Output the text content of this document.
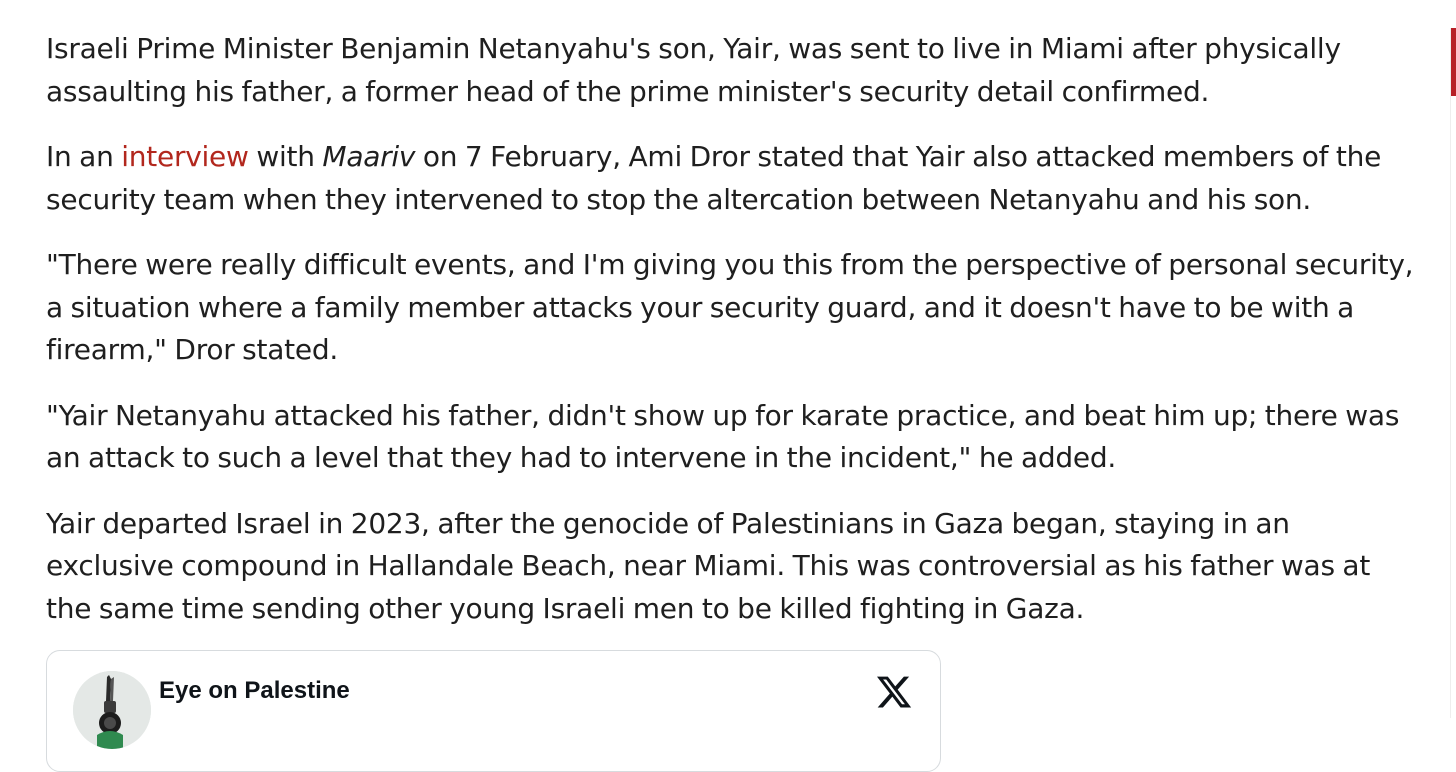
Israeli Prime Minister Benjamin Netanyahu's son, Yair, was sent to live in Miami after physically assaulting his father, a former head of the prime minister's security detail confirmed.

In an interview with Maariv on 7 February, Ami Dror stated that Yair also attacked members of the security team when they intervened to stop the altercation between Netanyahu and his son.

"There were really difficult events, and I'm giving you this from the perspective of personal security, a situation where a family member attacks your security guard, and it doesn't have to be with a firearm," Dror stated.

"Yair Netanyahu attacked his father, didn't show up for karate practice, and beat him up; there was an attack to such a level that they had to intervene in the incident," he added.

Yair departed Israel in 2023, after the genocide of Palestinians in Gaza began, staying in an exclusive compound in Hallandale Beach, near Miami. This was controversial as his father was at the same time sending other young Israeli men to be killed fighting in Gaza.

Eye on Palestine
